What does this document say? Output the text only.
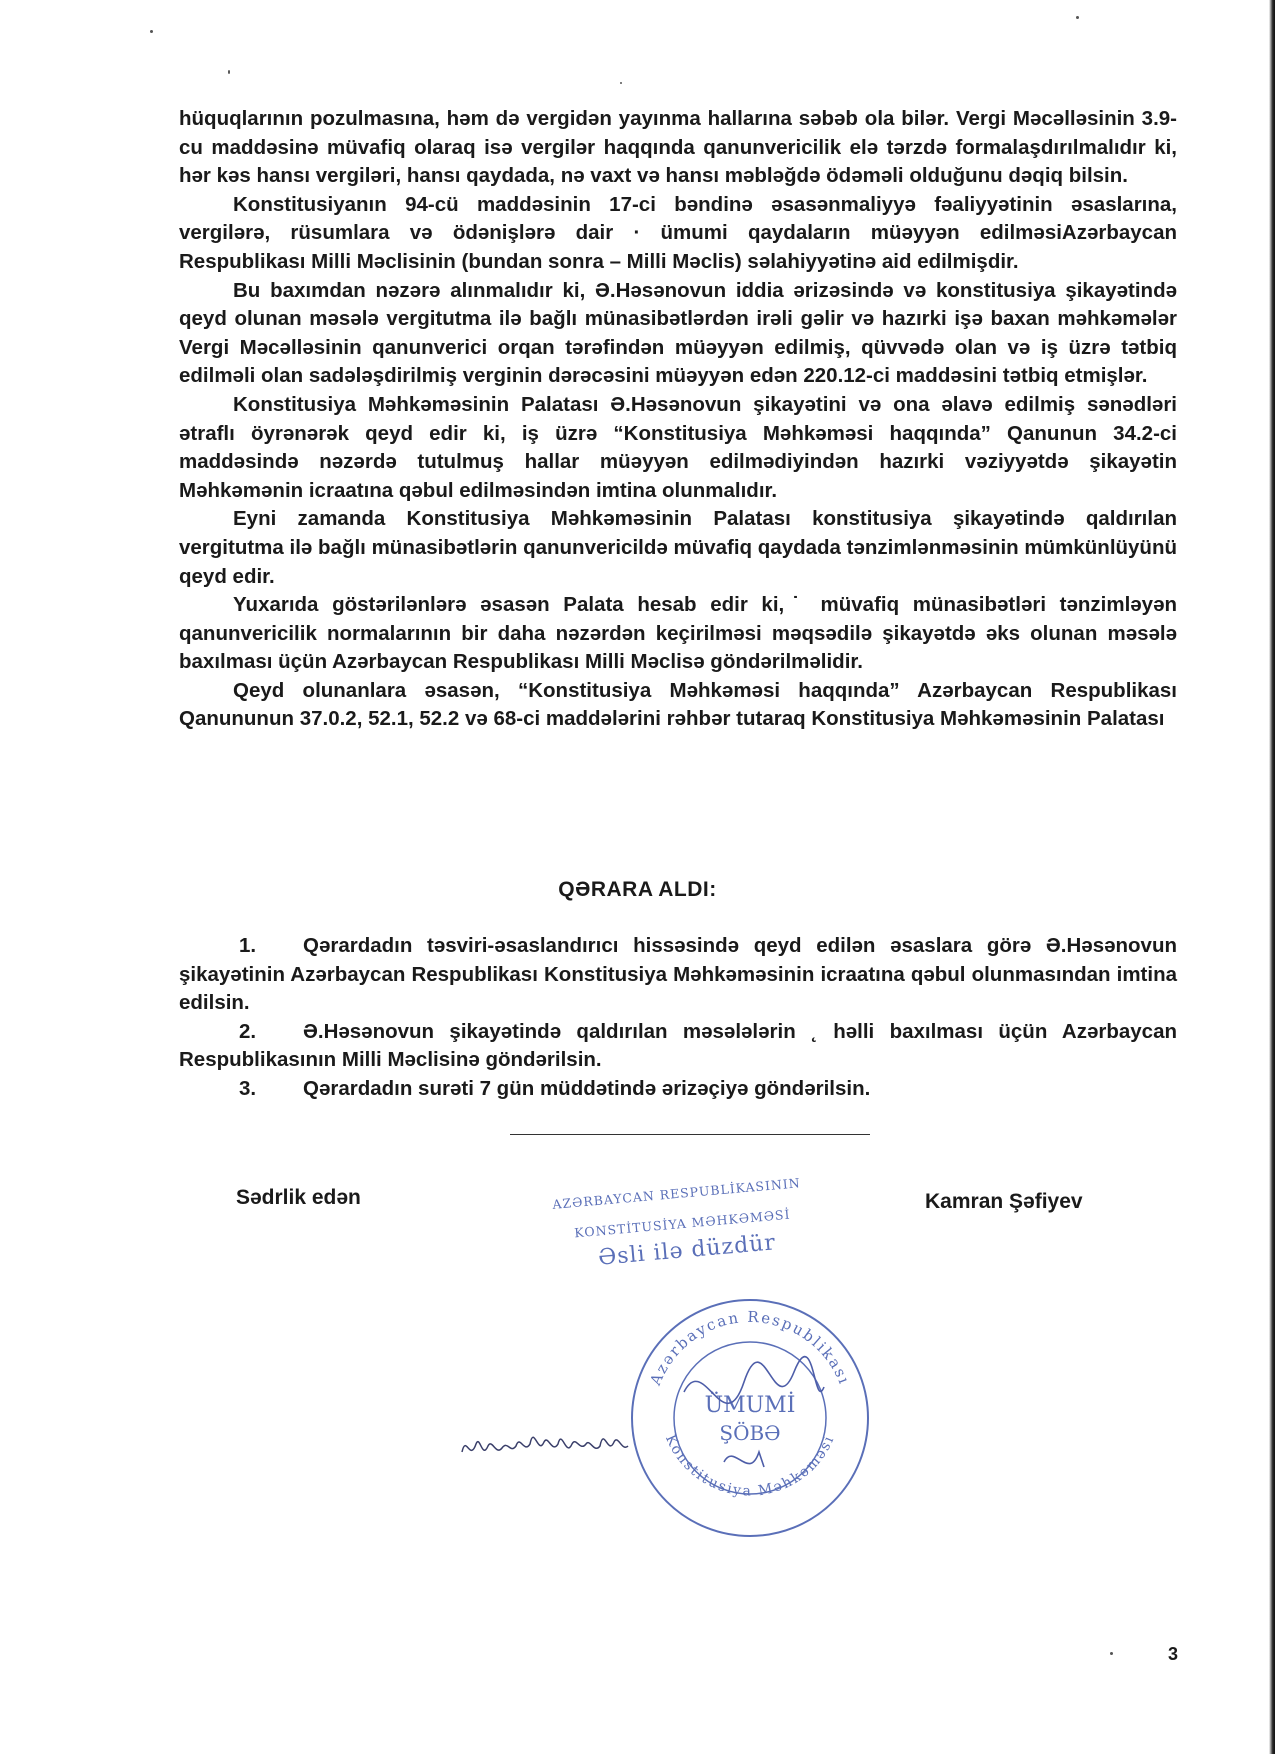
hüquqlarının pozulmasına, həm də vergidən yayınma hallarına səbəb ola bilər. Vergi Məcəlləsinin 3.9-cu maddəsinə müvafiq olaraq isə vergilər haqqında qanunvericilik elə tərzdə formalaşdırılmalıdır ki, hər kəs hansı vergiləri, hansı qaydada, nə vaxt və hansı məbləğdə ödəməli olduğunu dəqiq bilsin.

Konstitusiyanın 94-cü maddəsinin 17-ci bəndinə əsasənmaliyyə fəaliyyətinin əsaslarına, vergilərə, rüsumlara və ödənişlərə dair · ümumi qaydaların müəyyən edilməsiAzərbaycan Respublikası Milli Məclisinin (bundan sonra – Milli Məclis) səlahiyyətinə aid edilmişdir.

Bu baxımdan nəzərə alınmalıdır ki, Ə.Həsənovun iddia ərizəsində və konstitusiya şikayətində qeyd olunan məsələ vergitutma ilə bağlı münasibətlərdən irəli gəlir və hazırki işə baxan məhkəmələr Vergi Məcəlləsinin qanunverici orqan tərəfindən müəyyən edilmiş, qüvvədə olan və iş üzrə tətbiq edilməli olan sadələşdirilmiş verginin dərəcəsini müəyyən edən 220.12-ci maddəsini tətbiq etmişlər.

Konstitusiya Məhkəməsinin Palatası Ə.Həsənovun şikayətini və ona əlavə edilmiş sənədləri ətraflı öyrənərək qeyd edir ki, iş üzrə “Konstitusiya Məhkəməsi haqqında” Qanunun 34.2-ci maddəsində nəzərdə tutulmuş hallar müəyyən edilmədiyindən hazırki vəziyyətdə şikayətin Məhkəmənin icraatına qəbul edilməsindən imtina olunmalıdır.

Eyni zamanda Konstitusiya Məhkəməsinin Palatası konstitusiya şikayətində qaldırılan vergitutma ilə bağlı münasibətlərin qanunvericildə müvafiq qaydada tənzimlənməsinin mümkünlüyünü qeyd edir.

Yuxarıda göstərilənlərə əsasən Palata hesab edir ki,˙ müvafiq münasibətləri tənzimləyən qanunvericilik normalarının bir daha nəzərdən keçirilməsi məqsədilə şikayətdə əks olunan məsələ baxılması üçün Azərbaycan Respublikası Milli Məclisə göndərilməlidir.

Qeyd olunanlara əsasən, “Konstitusiya Məhkəməsi haqqında” Azərbaycan Respublikası Qanununun 37.0.2, 52.1, 52.2 və 68-ci maddələrini rəhbər tutaraq Konstitusiya Məhkəməsinin Palatası

QƏRARA ALDI:

1. Qərardadın təsviri-əsaslandırıcı hissəsində qeyd edilən əsaslara görə Ə.Həsənovun şikayətinin Azərbaycan Respublikası Konstitusiya Məhkəməsinin icraatına qəbul olunmasından imtina edilsin.

2. Ə.Həsənovun şikayətində qaldırılan məsələlərin ˛ həlli baxılması üçün Azərbaycan Respublikasının Milli Məclisinə göndərilsin.

3. Qərardadın surəti 7 gün müddətində ərizəçiyə göndərilsin.

Sədrlik edən	Kamran Şəfiyev
AZƏRBAYCAN RESPUBLİKASININ
KONSTİTUSİYA MƏHKƏMƏSİ
Əsli ilə düzdür
Azərbaycan Respublikası
Konstitusiya Məhkəməsi
ÜMUMİ
ŞÖBƏ
3
